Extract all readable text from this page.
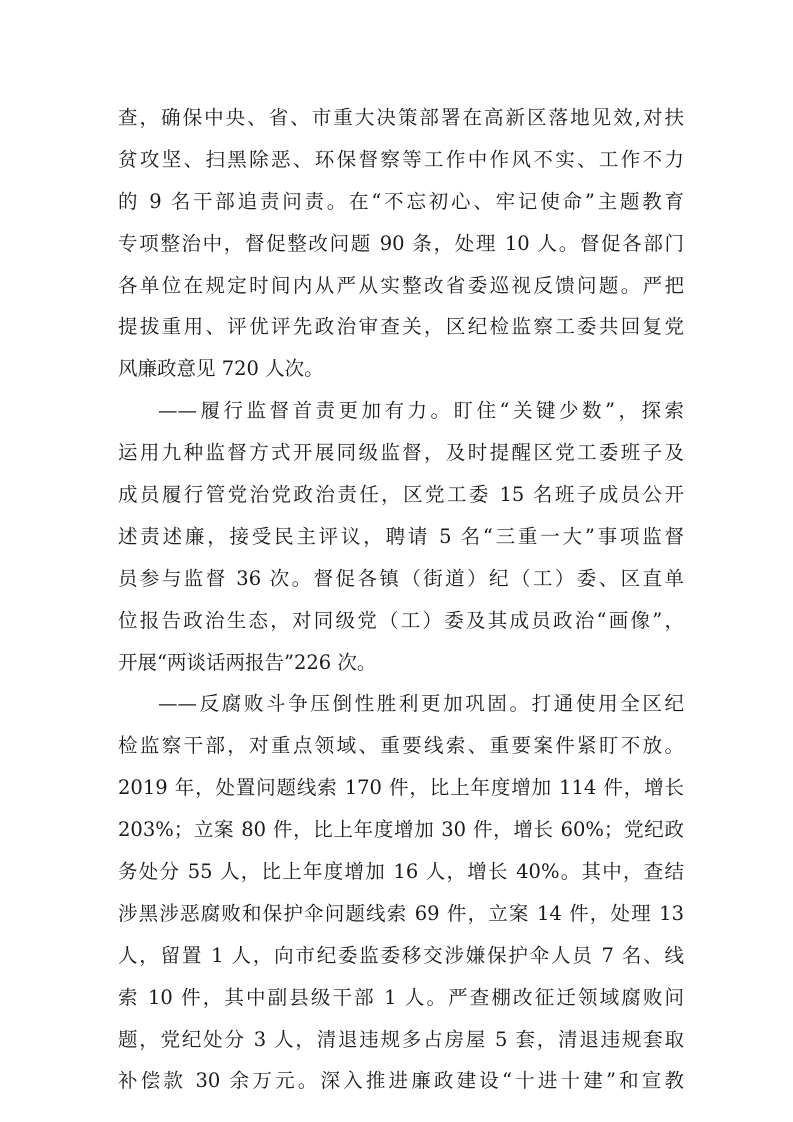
查，确保中央、省、市重大决策部署在高新区落地见效,对扶
贫攻坚、扫黑除恶、环保督察等工作中作风不实、工作不力
的 9 名干部追责问责。在“不忘初心、牢记使命”主题教育
专项整治中，督促整改问题 90 条，处理 10 人。督促各部门
各单位在规定时间内从严从实整改省委巡视反馈问题。严把
提拔重用、评优评先政治审查关，区纪检监察工委共回复党
风廉政意见 720 人次。
——履行监督首责更加有力。盯住“关键少数”，探索
运用九种监督方式开展同级监督，及时提醒区党工委班子及
成员履行管党治党政治责任，区党工委 15 名班子成员公开
述责述廉，接受民主评议，聘请 5 名“三重一大”事项监督
员参与监督 36 次。督促各镇（街道）纪（工）委、区直单
位报告政治生态，对同级党（工）委及其成员政治“画像”，
开展“两谈话两报告”226 次。
——反腐败斗争压倒性胜利更加巩固。打通使用全区纪
检监察干部，对重点领域、重要线索、重要案件紧盯不放。
2019 年，处置问题线索 170 件，比上年度增加 114 件，增长
203%；立案 80 件，比上年度增加 30 件，增长 60%；党纪政
务处分 55 人，比上年度增加 16 人，增长 40%。其中，查结
涉黑涉恶腐败和保护伞问题线索 69 件，立案 14 件，处理 13
人，留置 1 人，向市纪委监委移交涉嫌保护伞人员 7 名、线
索 10 件，其中副县级干部 1 人。严查棚改征迁领域腐败问
题，党纪处分 3 人，清退违规多占房屋 5 套，清退违规套取
补偿款 30 余万元。深入推进廉政建设“十进十建”和宣教
